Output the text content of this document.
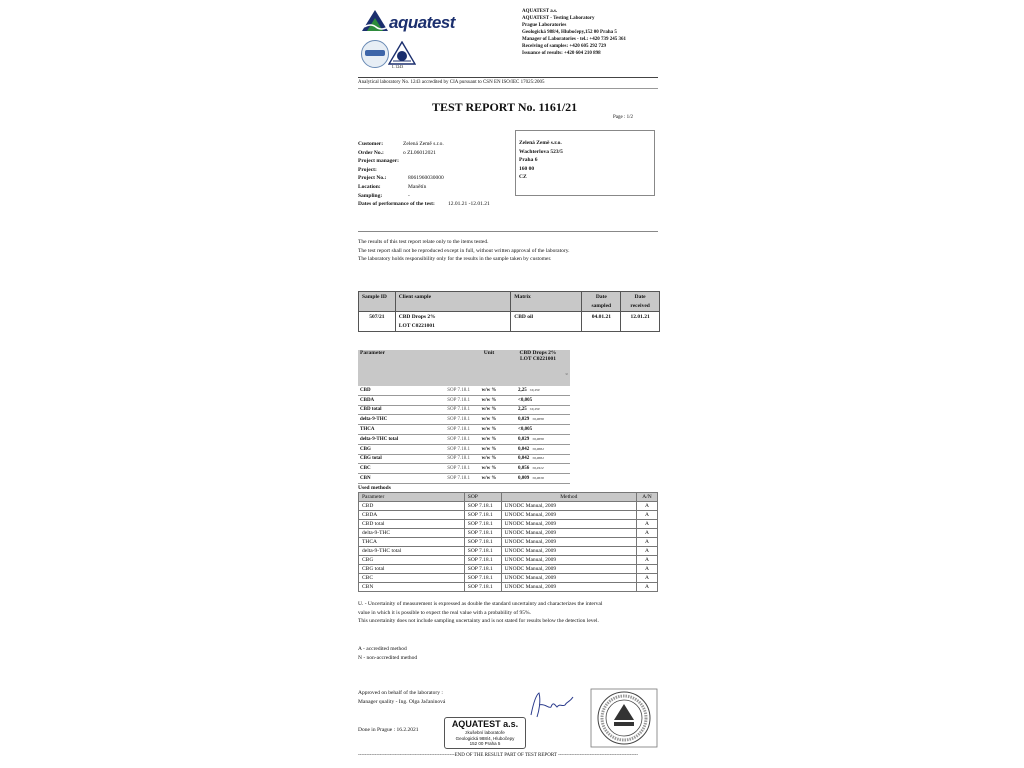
aquatest
L 1243
AQUATEST a.s.
AQUATEST - Testing Laboratory
Prague Laboratories
Geologická 988/4, Hlubočepy,152 00 Praha 5
Manager of Laboratories - tel.: +420 739 245 361
Receiving of samples: +420 605 292 729
Issuance of results: +420 604 210 898
Analytical laboratory No. 1243 accredited by CIA pursuant to CSN EN ISO/IEC 17025:2005
TEST REPORT No. 1161/21
Page : 1/2
Customer:	Zelená Země s.r.o.
Order No.:	o ZL06012021
Project manager:
Project:
Project No.:	8061960030000
Location:	Manětín
Sampling:	-
Dates of performance of the test:	12.01.21 -12.01.21
Zelená Země s.r.o.
Wachterlova 523/5
Praha 6
160 00
CZ
The results of this test report relate only to the items tested.
The test report shall not be reproduced except in full, without written approval of the laboratory.
The laboratory holds responsibility only for the results in the sample taken by customer.
Sample ID	Client sample	Matrix	Date sampled	Date received
507/21	CBD Drops 2%
LOT C0221001	CBD oil	04.01.21	12.01.21
Parameter		Unit	CBD Drops 2%
LOT C0221001
U

CBD	SOP 7.18.1	w/w %	2,25 ±0,450
CBDA	SOP 7.18.1	w/w %	<0,005
CBD total	SOP 7.18.1	w/w %	2,25 ±0,450
delta-9-THC	SOP 7.18.1	w/w %	0,029 ±0,0058
THCA	SOP 7.18.1	w/w %	<0,005
delta-9-THC total	SOP 7.18.1	w/w %	0,029 ±0,0058
CBG	SOP 7.18.1	w/w %	0,042 ±0,0084
CBG total	SOP 7.18.1	w/w %	0,042 ±0,0084
CBC	SOP 7.18.1	w/w %	0,056 ±0,0112
CBN	SOP 7.18.1	w/w %	0,009 ±0,0018
Used methods
Parameter	SOP	Method	A/N
CBD	SOP 7.18.1	UNODC Manual, 2009	A
CBDA	SOP 7.18.1	UNODC Manual, 2009	A
CBD total	SOP 7.18.1	UNODC Manual, 2009	A
delta-9-THC	SOP 7.18.1	UNODC Manual, 2009	A
THCA	SOP 7.18.1	UNODC Manual, 2009	A
delta-9-THC total	SOP 7.18.1	UNODC Manual, 2009	A
CBG	SOP 7.18.1	UNODC Manual, 2009	A
CBG total	SOP 7.18.1	UNODC Manual, 2009	A
CBC	SOP 7.18.1	UNODC Manual, 2009	A
CBN	SOP 7.18.1	UNODC Manual, 2009	A
U. - Uncertainity of measurement is expressed as double the standard uncertainty and characterizes the interval
value in which it is possible to expect the real value with a probability of 95%.
This uncertainity does not include sampling uncertainty and is not stated for results below the detection level.
A - accredited method
N - non-accredited method
Approved on behalf of the laboratory :
Manager quality - Ing. Olga Jačaninová
Done in Prague : 16.2.2021
AQUATEST a.s.
zkušební laboratoře
Geologická 988/4, Hlubočepy
152 00 Praha 5
----------------------------------------------------------END OF THE RESULT PART OF TEST REPORT ------------------------------------------------
